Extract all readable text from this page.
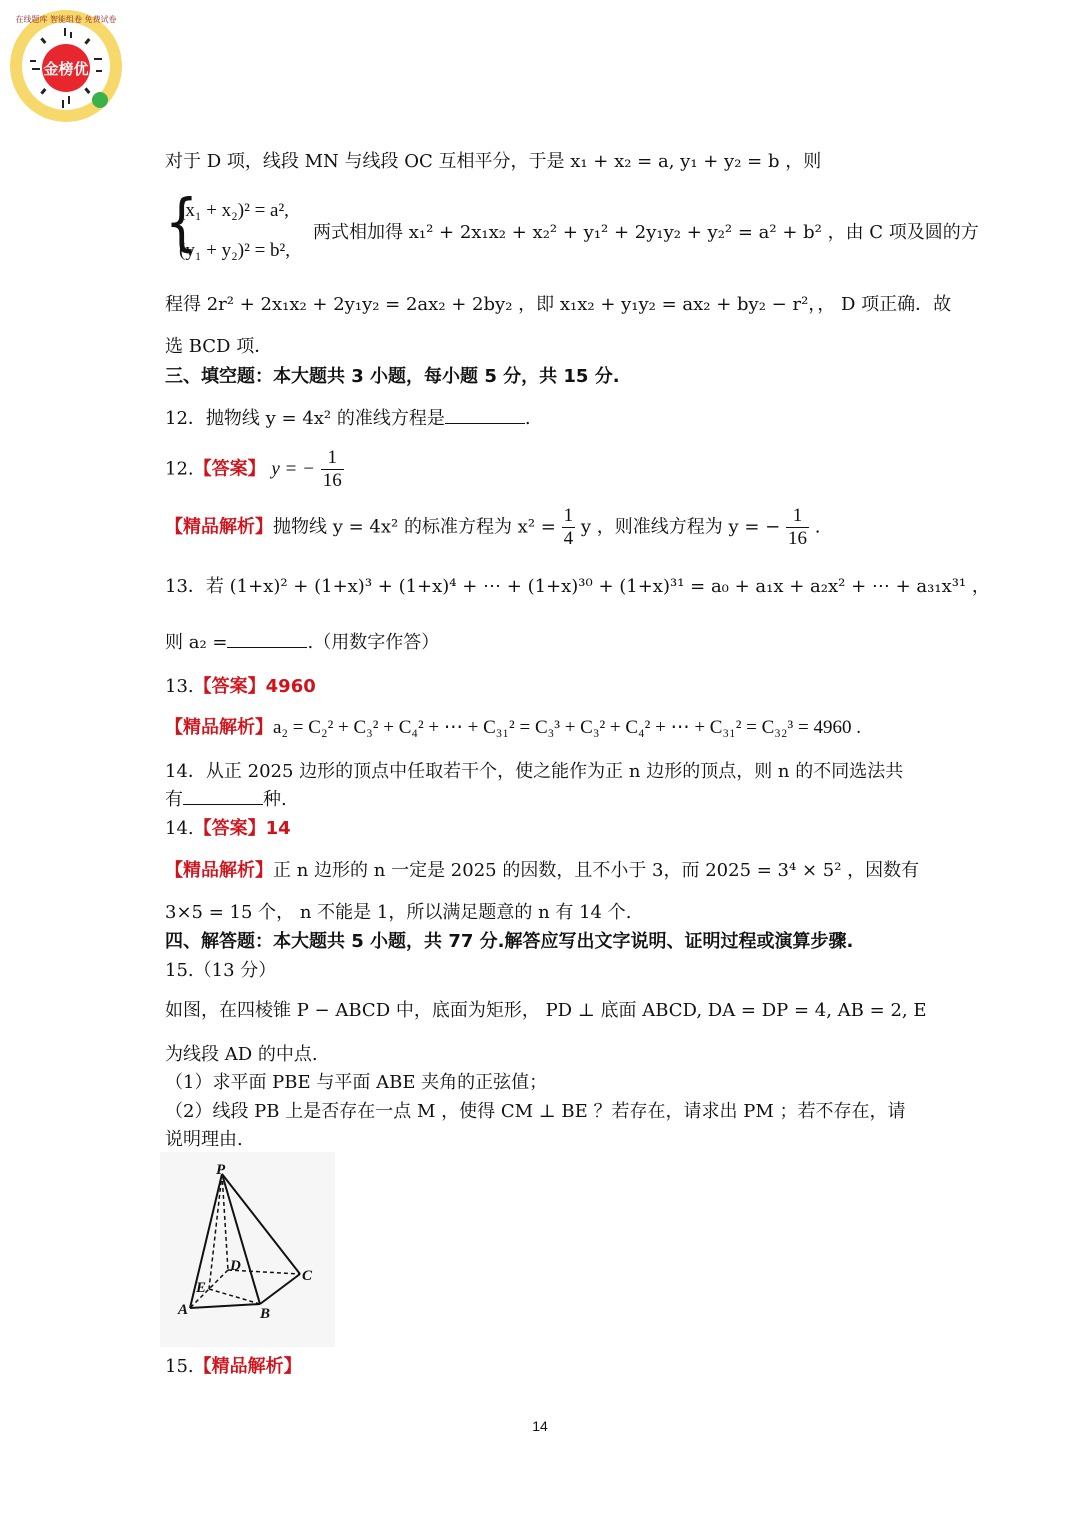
金榜优
在线题库 智能组卷 免费试卷
对于 D 项，线段 MN 与线段 OC 互相平分，于是 x₁ + x₂ = a, y₁ + y₂ = b ，则
{
(x₁ + x₂)² = a²,
(y₁ + y₂)² = b²,
两式相加得 x₁² + 2x₁x₂ + x₂² + y₁² + 2y₁y₂ + y₂² = a² + b² ，由 C 项及圆的方
程得 2r² + 2x₁x₂ + 2y₁y₂ = 2ax₂ + 2by₂ ，即 x₁x₂ + y₁y₂ = ax₂ + by₂ − r²，， D 项正确．故
选 BCD 项．
三、填空题：本大题共 3 小题，每小题 5 分，共 15 分.
12．抛物线 y = 4x² 的准线方程是	.
12.【答案】 y = − $\frac{1}{16}$
【精品解析】抛物线 y = 4x² 的标准方程为 $x^2 = \frac{1}{4}$ y ，则准线方程为 y = − $\frac{1}{16}$ .
13．若 (1+x)² + (1+x)³ + (1+x)⁴ + ⋯ + (1+x)³⁰ + (1+x)³¹ = a₀ + a₁x + a₂x² + ⋯ + a₃₁x³¹ ，
则 a₂ =	.（用数字作答）
13.【答案】4960
【精品解析】a₂ = C₂² + C₃² + C₄² + ⋯ + C₃₁² = C₃³ + C₃² + C₄² + ⋯ + C₃₁² = C₃₂³ = 4960 .
14．从正 2025 边形的顶点中任取若干个，使之能作为正 n 边形的顶点，则 n 的不同选法共
有	种.
14.【答案】14
【精品解析】正 n 边形的 n 一定是 2025 的因数，且不小于 3，而 2025 = 3⁴ × 5² ，因数有
3×5 = 15 个， n 不能是 1，所以满足题意的 n 有 14 个.
四、解答题：本大题共 5 小题，共 77 分.解答应写出文字说明、证明过程或演算步骤.
15.（13 分）
如图，在四棱锥 P − ABCD 中，底面为矩形， PD ⊥ 底面 ABCD, DA = DP = 4, AB = 2, E
为线段 AD 的中点.
（1）求平面 PBE 与平面 ABE 夹角的正弦值；
（2）线段 PB 上是否存在一点 M ，使得 CM ⊥ BE ？若存在，请求出 PM ；若不存在，请
说明理由.
15.【精品解析】
P
D
E
C
A	B
14
